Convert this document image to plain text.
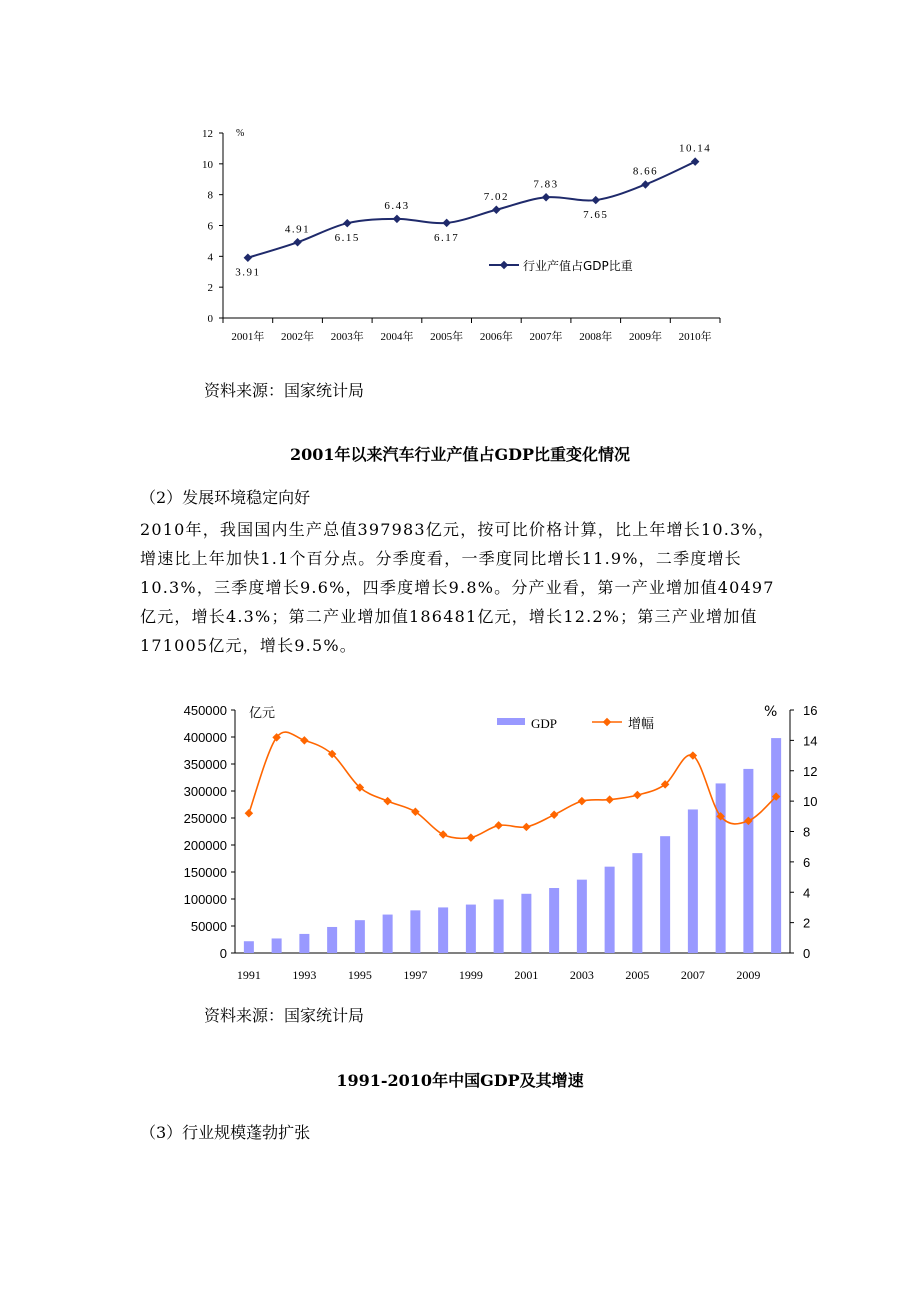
0
2
4
6
8
10
12 %
3.91
4.91
6.15
6.43
6.17
7.02
7.83
7.65
8.66
10.14
2001年 2002年 2003年 2004年 2005年 2006年 2007年 2008年 2009年 2010年
行业产值占GDP比重
资料来源：国家统计局
2001年以来汽车行业产值占GDP比重变化情况
（2）发展环境稳定向好

2010年，我国国内生产总值397983亿元，按可比价格计算，比上年增长10.3%，

增速比上年加快1.1个百分点。分季度看，一季度同比增长11.9%，二季度增长

10.3%，三季度增长9.6%，四季度增长9.8%。分产业看，第一产业增加值40497

亿元，增长4.3%；第二产业增加值186481亿元，增长12.2%；第三产业增加值

171005亿元，增长9.5%。

0
50000
100000
150000
200000
250000
300000
350000
400000
450000
0
2
4
6
8
10
12
14
16
亿元	%
1991	1993	1995	1997	1999	2001	2003	2005	2007	2009
GDP	增幅
资料来源：国家统计局
1991-2010年中国GDP及其增速
（3）行业规模蓬勃扩张
